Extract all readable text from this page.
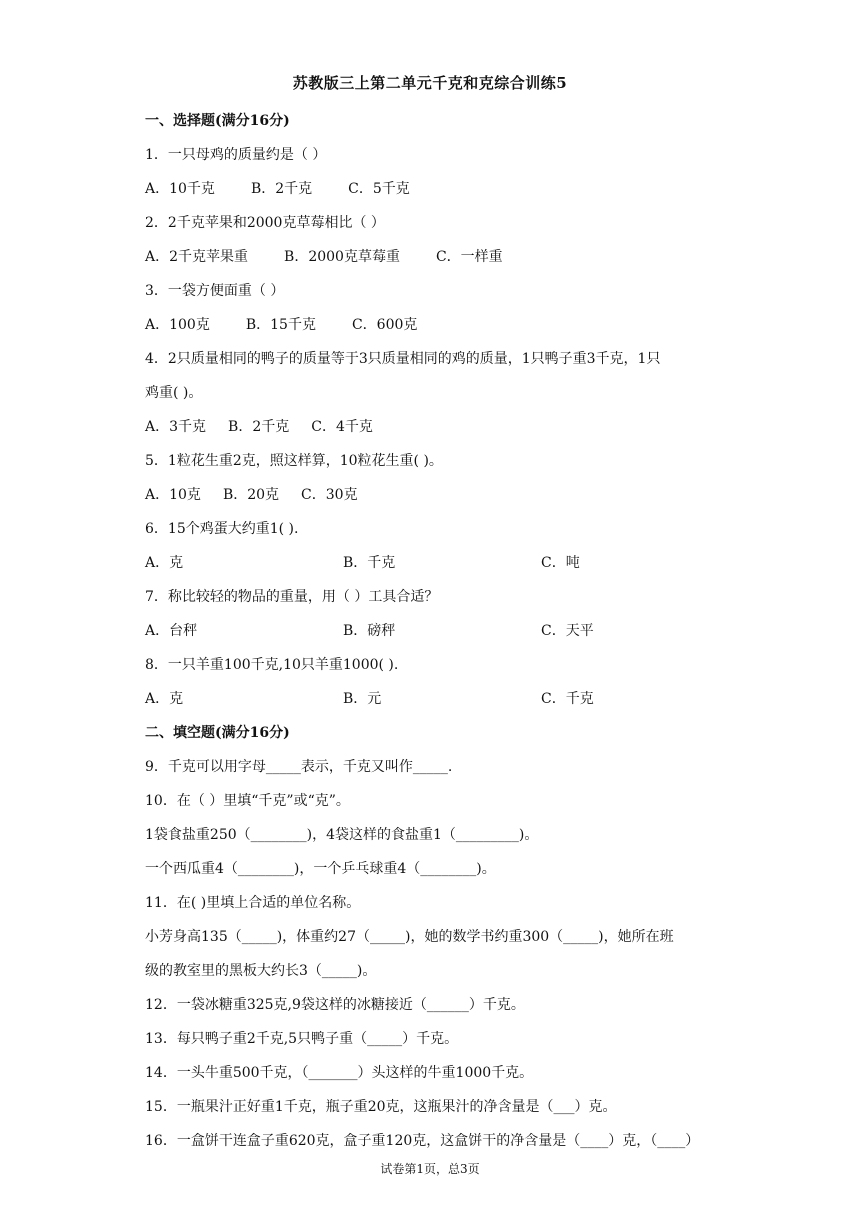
苏教版三上第二单元千克和克综合训练5
一、选择题(满分16分)
1．一只母鸡的质量约是（ ）
A．10千克	B．2千克	C．5千克
2．2千克苹果和2000克草莓相比（ ）
A．2千克苹果重	B．2000克草莓重	C．一样重
3．一袋方便面重（ ）
A．100克	B．15千克	C．600克
4．2只质量相同的鸭子的质量等于3只质量相同的鸡的质量，1只鸭子重3千克，1只
鸡重( )。
A．3千克 B．2千克 C．4千克
5．1粒花生重2克，照这样算，10粒花生重( )。
A．10克 B．20克 C．30克
6．15个鸡蛋大约重1( ).
A．克	B．千克	C．吨
7．称比较轻的物品的重量，用（ ）工具合适？
A．台秤	B．磅秤	C．天平
8．一只羊重100千克,10只羊重1000( ).
A．克	B．元	C．千克
二、填空题(满分16分)
9．千克可以用字母_____表示，千克又叫作_____.
10．在（ ）里填“千克”或“克”。
1袋食盐重250（________)，4袋这样的食盐重1（_________)。
一个西瓜重4（________)，一个乒乓球重4（________)。
11．在( )里填上合适的单位名称。
小芳身高135（_____)，体重约27（_____)，她的数学书约重300（_____)，她所在班
级的教室里的黑板大约长3（_____)。
12．一袋冰糖重325克,9袋这样的冰糖接近（______）千克。
13．每只鸭子重2千克,5只鸭子重（_____）千克。
14．一头牛重500千克，（_______）头这样的牛重1000千克。
15．一瓶果汁正好重1千克，瓶子重20克，这瓶果汁的净含量是（___）克。
16．一盒饼干连盒子重620克，盒子重120克，这盒饼干的净含量是（____）克，（____）
试卷第1页，总3页
